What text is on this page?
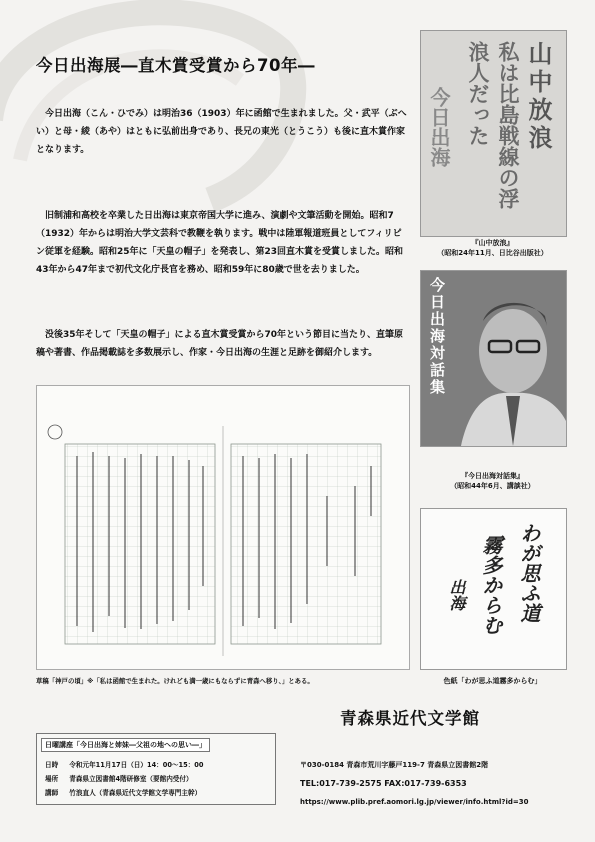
今日出海展―直木賞受賞から70年―

今日出海（こん・ひでみ）は明治36（1903）年に函館で生まれました。父・武平（ぶへい）と母・綾（あや）はともに弘前出身であり、長兄の東光（とうこう）も後に直木賞作家となります。

旧制浦和高校を卒業した日出海は東京帝国大学に進み、演劇や文筆活動を開始。昭和7（1932）年からは明治大学文芸科で教鞭を執ります。戦中は陸軍報道班員としてフィリピン従軍を経験。昭和25年に「天皇の帽子」を発表し、第23回直木賞を受賞しました。昭和43年から47年まで初代文化庁長官を務め、昭和59年に80歳で世を去りました。

没後35年そして「天皇の帽子」による直木賞受賞から70年という節目に当たり、直筆原稿や著書、作品掲載誌を多数展示し、作家・今日出海の生涯と足跡を御紹介します。

山中放浪
私は比島戦線の浮浪人だった
今日出海
『山中放浪』
（昭和24年11月、日比谷出版社）
今日出海対話集
『今日出海対話集』
（昭和44年6月、講談社）
わが思ふ道
霧多からむ
出海
色紙「わが思ふ道霧多からむ」
草稿「神戸の頃」※「私は函館で生まれた。けれども満一歳にもならずに青森へ移り、」とある。
日曜講座「今日出海と姉妹―父祖の地への思い―」
日時 令和元年11月17日（日）14：00～15：00
場所 青森県立図書館4階研修室（要館内受付）
講師 竹浪直人（青森県近代文学館文学専門主幹）
青森県近代文学館
〒030-0184 青森市荒川字藤戸119-7 青森県立図書館2階
TEL:017-739-2575 FAX:017-739-6353
https://www.plib.pref.aomori.lg.jp/viewer/info.html?id=30
